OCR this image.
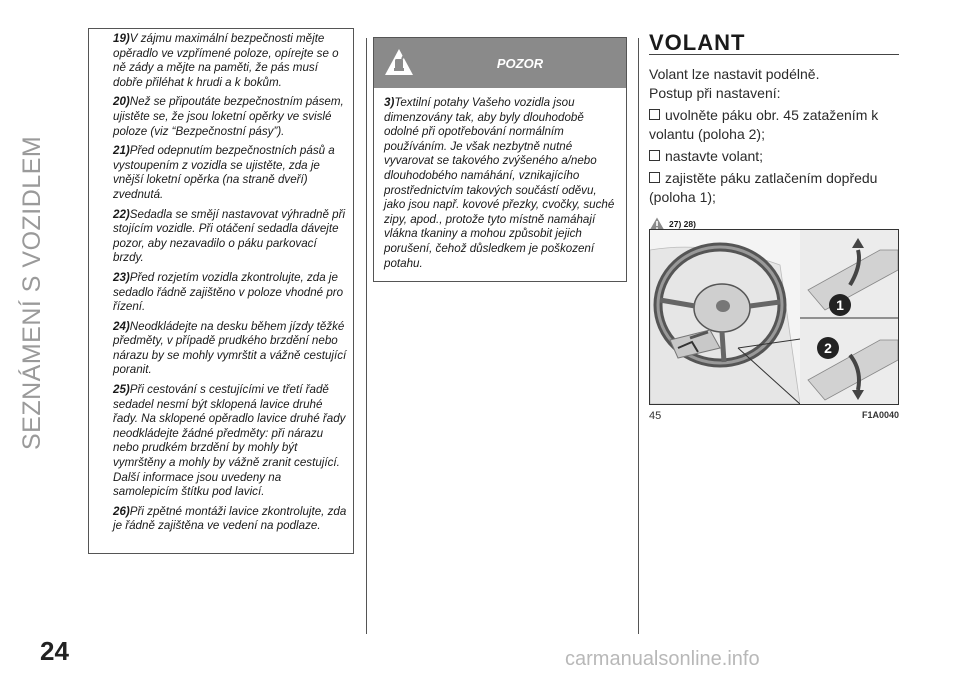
SEZNÁMENÍ S VOZIDLEM
24

19)V zájmu maximální bezpečnosti mějte opěradlo ve vzpřímené poloze, opírejte se o ně zády a mějte na paměti, že pás musí dobře přiléhat k hrudi a k bokům.

20)Než se připoutáte bezpečnostním pásem, ujistěte se, že jsou loketní opěrky ve svislé poloze (viz “Bezpečnostní pásy”).

21)Před odepnutím bezpečnostních pásů a vystoupením z vozidla se ujistěte, zda je vnější loketní opěrka (na straně dveří) zvednutá.

22)Sedadla se smějí nastavovat výhradně při stojícím vozidle. Při otáčení sedadla dávejte pozor, aby nezavadilo o páku parkovací brzdy.

23)Před rozjetím vozidla zkontrolujte, zda je sedadlo řádně zajištěno v poloze vhodné pro řízení.

24)Neodkládejte na desku během jízdy těžké předměty, v případě prudkého brzdění nebo nárazu by se mohly vymrštit a vážně cestující poranit.

25)Při cestování s cestujícími ve třetí řadě sedadel nesmí být sklopená lavice druhé řady. Na sklopené opěradlo lavice druhé řady neodkládejte žádné předměty: při nárazu nebo prudkém brzdění by mohly být vymrštěny a mohly by vážně zranit cestující. Další informace jsou uvedeny na samolepicím štítku pod lavicí.

26)Při zpětné montáži lavice zkontrolujte, zda je řádně zajištěna ve vedení na podlaze.

POZOR

3)Textilní potahy Vašeho vozidla jsou dimenzovány tak, aby byly dlouhodobě odolné při opotřebování normálním používáním. Je však nezbytně nutné vyvarovat se takového zvýšeného a/nebo dlouhodobého namáhání, vznikajícího prostřednictvím takových součástí oděvu, jako jsou např. kovové přezky, cvočky, suché zipy, apod., protože tyto místně namáhají vlákna tkaniny a mohou způsobit jejich porušení, čehož důsledkem je poškození potahu.

VOLANT

Volant lze nastavit podélně.

Postup při nastavení:

uvolněte páku obr. 45 zatažením k volantu (poloha 2);

nastavte volant;

zajistěte páku zatlačením dopředu (poloha 1);

27) 28)
1
2
45	F1A0040
carmanualsonline.info
